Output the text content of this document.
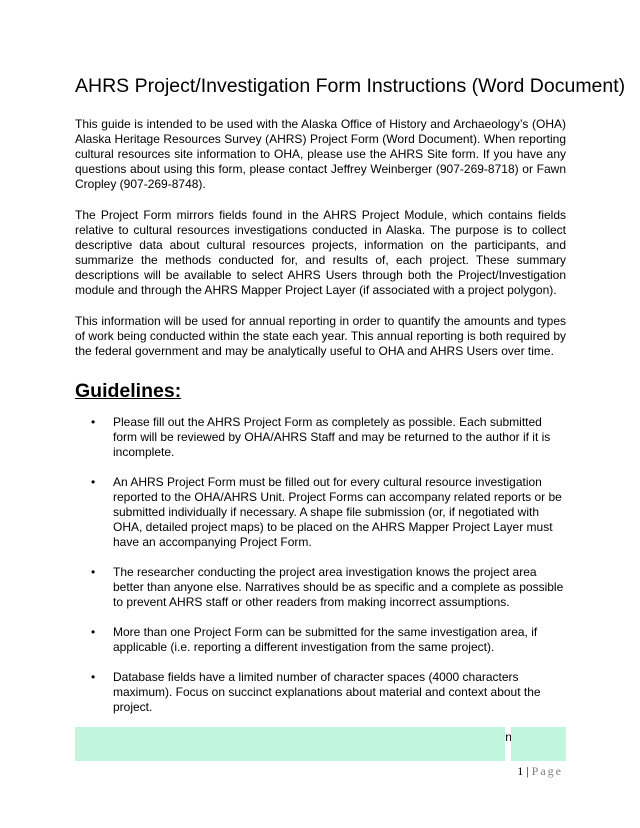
AHRS Project/Investigation Form Instructions (Word Document)

This guide is intended to be used with the Alaska Office of History and Archaeology’s (OHA) Alaska Heritage Resources Survey (AHRS) Project Form (Word Document). When reporting cultural resources site information to OHA, please use the AHRS Site form. If you have any questions about using this form, please contact Jeffrey Weinberger (907-269-8718) or Fawn Cropley (907-269-8748).

The Project Form mirrors fields found in the AHRS Project Module, which contains fields relative to cultural resources investigations conducted in Alaska. The purpose is to collect descriptive data about cultural resources projects, information on the participants, and summarize the methods conducted for, and results of, each project. These summary descriptions will be available to select AHRS Users through both the Project/Investigation module and through the AHRS Mapper Project Layer (if associated with a project polygon).

This information will be used for annual reporting in order to quantify the amounts and types of work being conducted within the state each year. This annual reporting is both required by the federal government and may be analytically useful to OHA and AHRS Users over time.

Guidelines:
• Please fill out the AHRS Project Form as completely as possible. Each submitted form will be reviewed by OHA/AHRS Staff and may be returned to the author if it is incomplete.
• An AHRS Project Form must be filled out for every cultural resource investigation reported to the OHA/AHRS Unit. Project Forms can accompany related reports or be submitted individually if necessary. A shape file submission (or, if negotiated with OHA, detailed project maps) to be placed on the AHRS Mapper Project Layer must have an accompanying Project Form.
• The researcher conducting the project area investigation knows the project area better than anyone else. Narratives should be as specific and a complete as possible to prevent AHRS staff or other readers from making incorrect assumptions.
• More than one Project Form can be submitted for the same investigation area, if applicable (i.e. reporting a different investigation from the same project).
• Database fields have a limited number of character spaces (4000 characters maximum). Focus on succinct explanations about material and context about the project.
1 | Page
